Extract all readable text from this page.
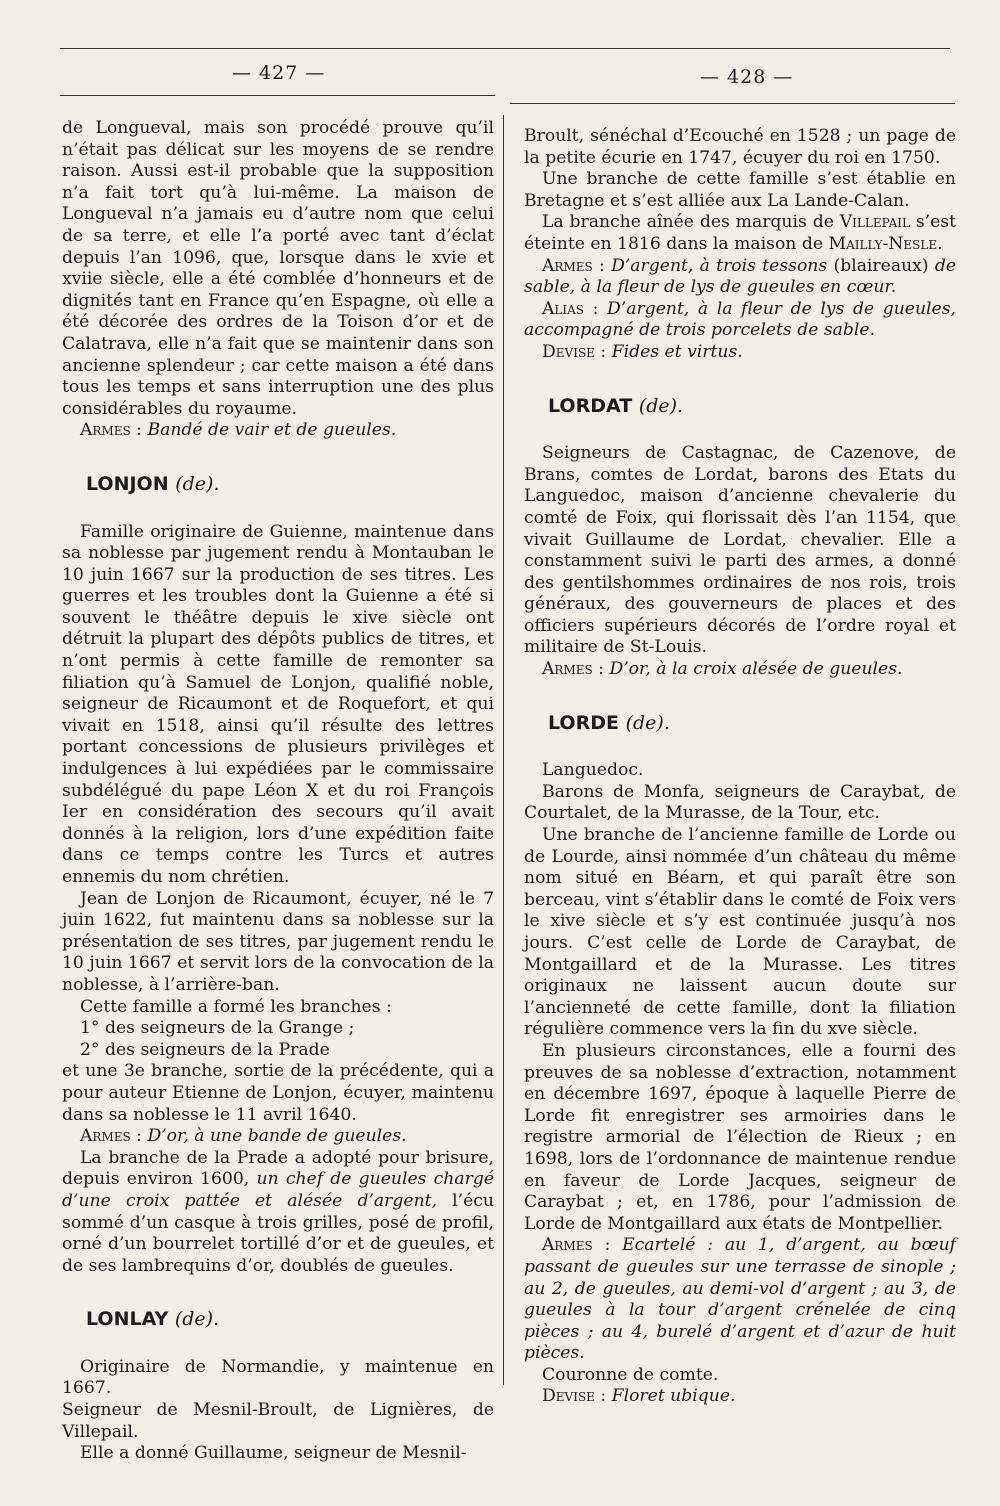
— 427 —	— 428 —

de Longueval, mais son procédé prouve qu’il n’était pas délicat sur les moyens de se rendre raison. Aussi est-il probable que la supposition n’a fait tort qu’à lui-même. La maison de Longueval n’a jamais eu d’autre nom que celui de sa terre, et elle l’a porté avec tant d’éclat depuis l’an 1096, que, lorsque dans le xvie et xviie siècle, elle a été comblée d’honneurs et de dignités tant en France qu’en Espagne, où elle a été décorée des ordres de la Toison d’or et de Calatrava, elle n’a fait que se maintenir dans son ancienne splendeur ; car cette maison a été dans tous les temps et sans interruption une des plus considérables du royaume.

Armes : Bandé de vair et de gueules.

LONJON (de).

Famille originaire de Guienne, maintenue dans sa noblesse par jugement rendu à Montauban le 10 juin 1667 sur la production de ses titres. Les guerres et les troubles dont la Guienne a été si souvent le théâtre depuis le xive siècle ont détruit la plupart des dépôts publics de titres, et n’ont permis à cette famille de remonter sa filiation qu’à Samuel de Lonjon, qualifié noble, seigneur de Ricaumont et de Roquefort, et qui vivait en 1518, ainsi qu’il résulte des lettres portant concessions de plusieurs privilèges et indulgences à lui expédiées par le commissaire subdélégué du pape Léon X et du roi François Ier en considération des secours qu’il avait donnés à la religion, lors d’une expédition faite dans ce temps contre les Turcs et autres ennemis du nom chrétien.

Jean de Lonjon de Ricaumont, écuyer, né le 7 juin 1622, fut maintenu dans sa noblesse sur la présentation de ses titres, par jugement rendu le 10 juin 1667 et servit lors de la convocation de la noblesse, à l’arrière-ban.

Cette famille a formé les branches :

1° des seigneurs de la Grange ;

2° des seigneurs de la Prade

et une 3e branche, sortie de la précédente, qui a pour auteur Etienne de Lonjon, écuyer, maintenu dans sa noblesse le 11 avril 1640.

Armes : D’or, à une bande de gueules.

La branche de la Prade a adopté pour brisure, depuis environ 1600, un chef de gueules chargé d’une croix pattée et alésée d’argent, l’écu sommé d’un casque à trois grilles, posé de profil, orné d’un bourrelet tortillé d’or et de gueules, et de ses lambrequins d’or, doublés de gueules.

LONLAY (de).

Originaire de Normandie, y maintenue en 1667.

Seigneur de Mesnil-Broult, de Lignières, de Villepail.

Elle a donné Guillaume, seigneur de Mesnil-

Broult, sénéchal d’Ecouché en 1528 ; un page de la petite écurie en 1747, écuyer du roi en 1750.

Une branche de cette famille s’est établie en Bretagne et s’est alliée aux La Lande-Calan.

La branche aînée des marquis de Villepail s’est éteinte en 1816 dans la maison de Mailly-Nesle.

Armes : D’argent, à trois tessons (blaireaux) de sable, à la fleur de lys de gueules en cœur.

Alias : D’argent, à la fleur de lys de gueules, accompagné de trois porcelets de sable.

Devise : Fides et virtus.

LORDAT (de).

Seigneurs de Castagnac, de Cazenove, de Brans, comtes de Lordat, barons des Etats du Languedoc, maison d’ancienne chevalerie du comté de Foix, qui florissait dès l’an 1154, que vivait Guillaume de Lordat, chevalier. Elle a constamment suivi le parti des armes, a donné des gentilshommes ordinaires de nos rois, trois généraux, des gouverneurs de places et des officiers supérieurs décorés de l’ordre royal et militaire de St-Louis.

Armes : D’or, à la croix alésée de gueules.

LORDE (de).

Languedoc.

Barons de Monfa, seigneurs de Caraybat, de Courtalet, de la Murasse, de la Tour, etc.

Une branche de l’ancienne famille de Lorde ou de Lourde, ainsi nommée d’un château du même nom situé en Béarn, et qui paraît être son berceau, vint s’établir dans le comté de Foix vers le xive siècle et s’y est continuée jusqu’à nos jours. C’est celle de Lorde de Caraybat, de Montgaillard et de la Murasse. Les titres originaux ne laissent aucun doute sur l’ancienneté de cette famille, dont la filiation régulière commence vers la fin du xve siècle.

En plusieurs circonstances, elle a fourni des preuves de sa noblesse d’extraction, notamment en décembre 1697, époque à laquelle Pierre de Lorde fit enregistrer ses armoiries dans le registre armorial de l’élection de Rieux ; en 1698, lors de l’ordonnance de maintenue rendue en faveur de Lorde Jacques, seigneur de Caraybat ; et, en 1786, pour l’admission de Lorde de Montgaillard aux états de Montpellier.

Armes : Ecartelé : au 1, d’argent, au bœuf passant de gueules sur une terrasse de sinople ; au 2, de gueules, au demi-vol d’argent ; au 3, de gueules à la tour d’argent crénelée de cinq pièces ; au 4, burelé d’argent et d’azur de huit pièces.

Couronne de comte.

Devise : Floret ubique.
